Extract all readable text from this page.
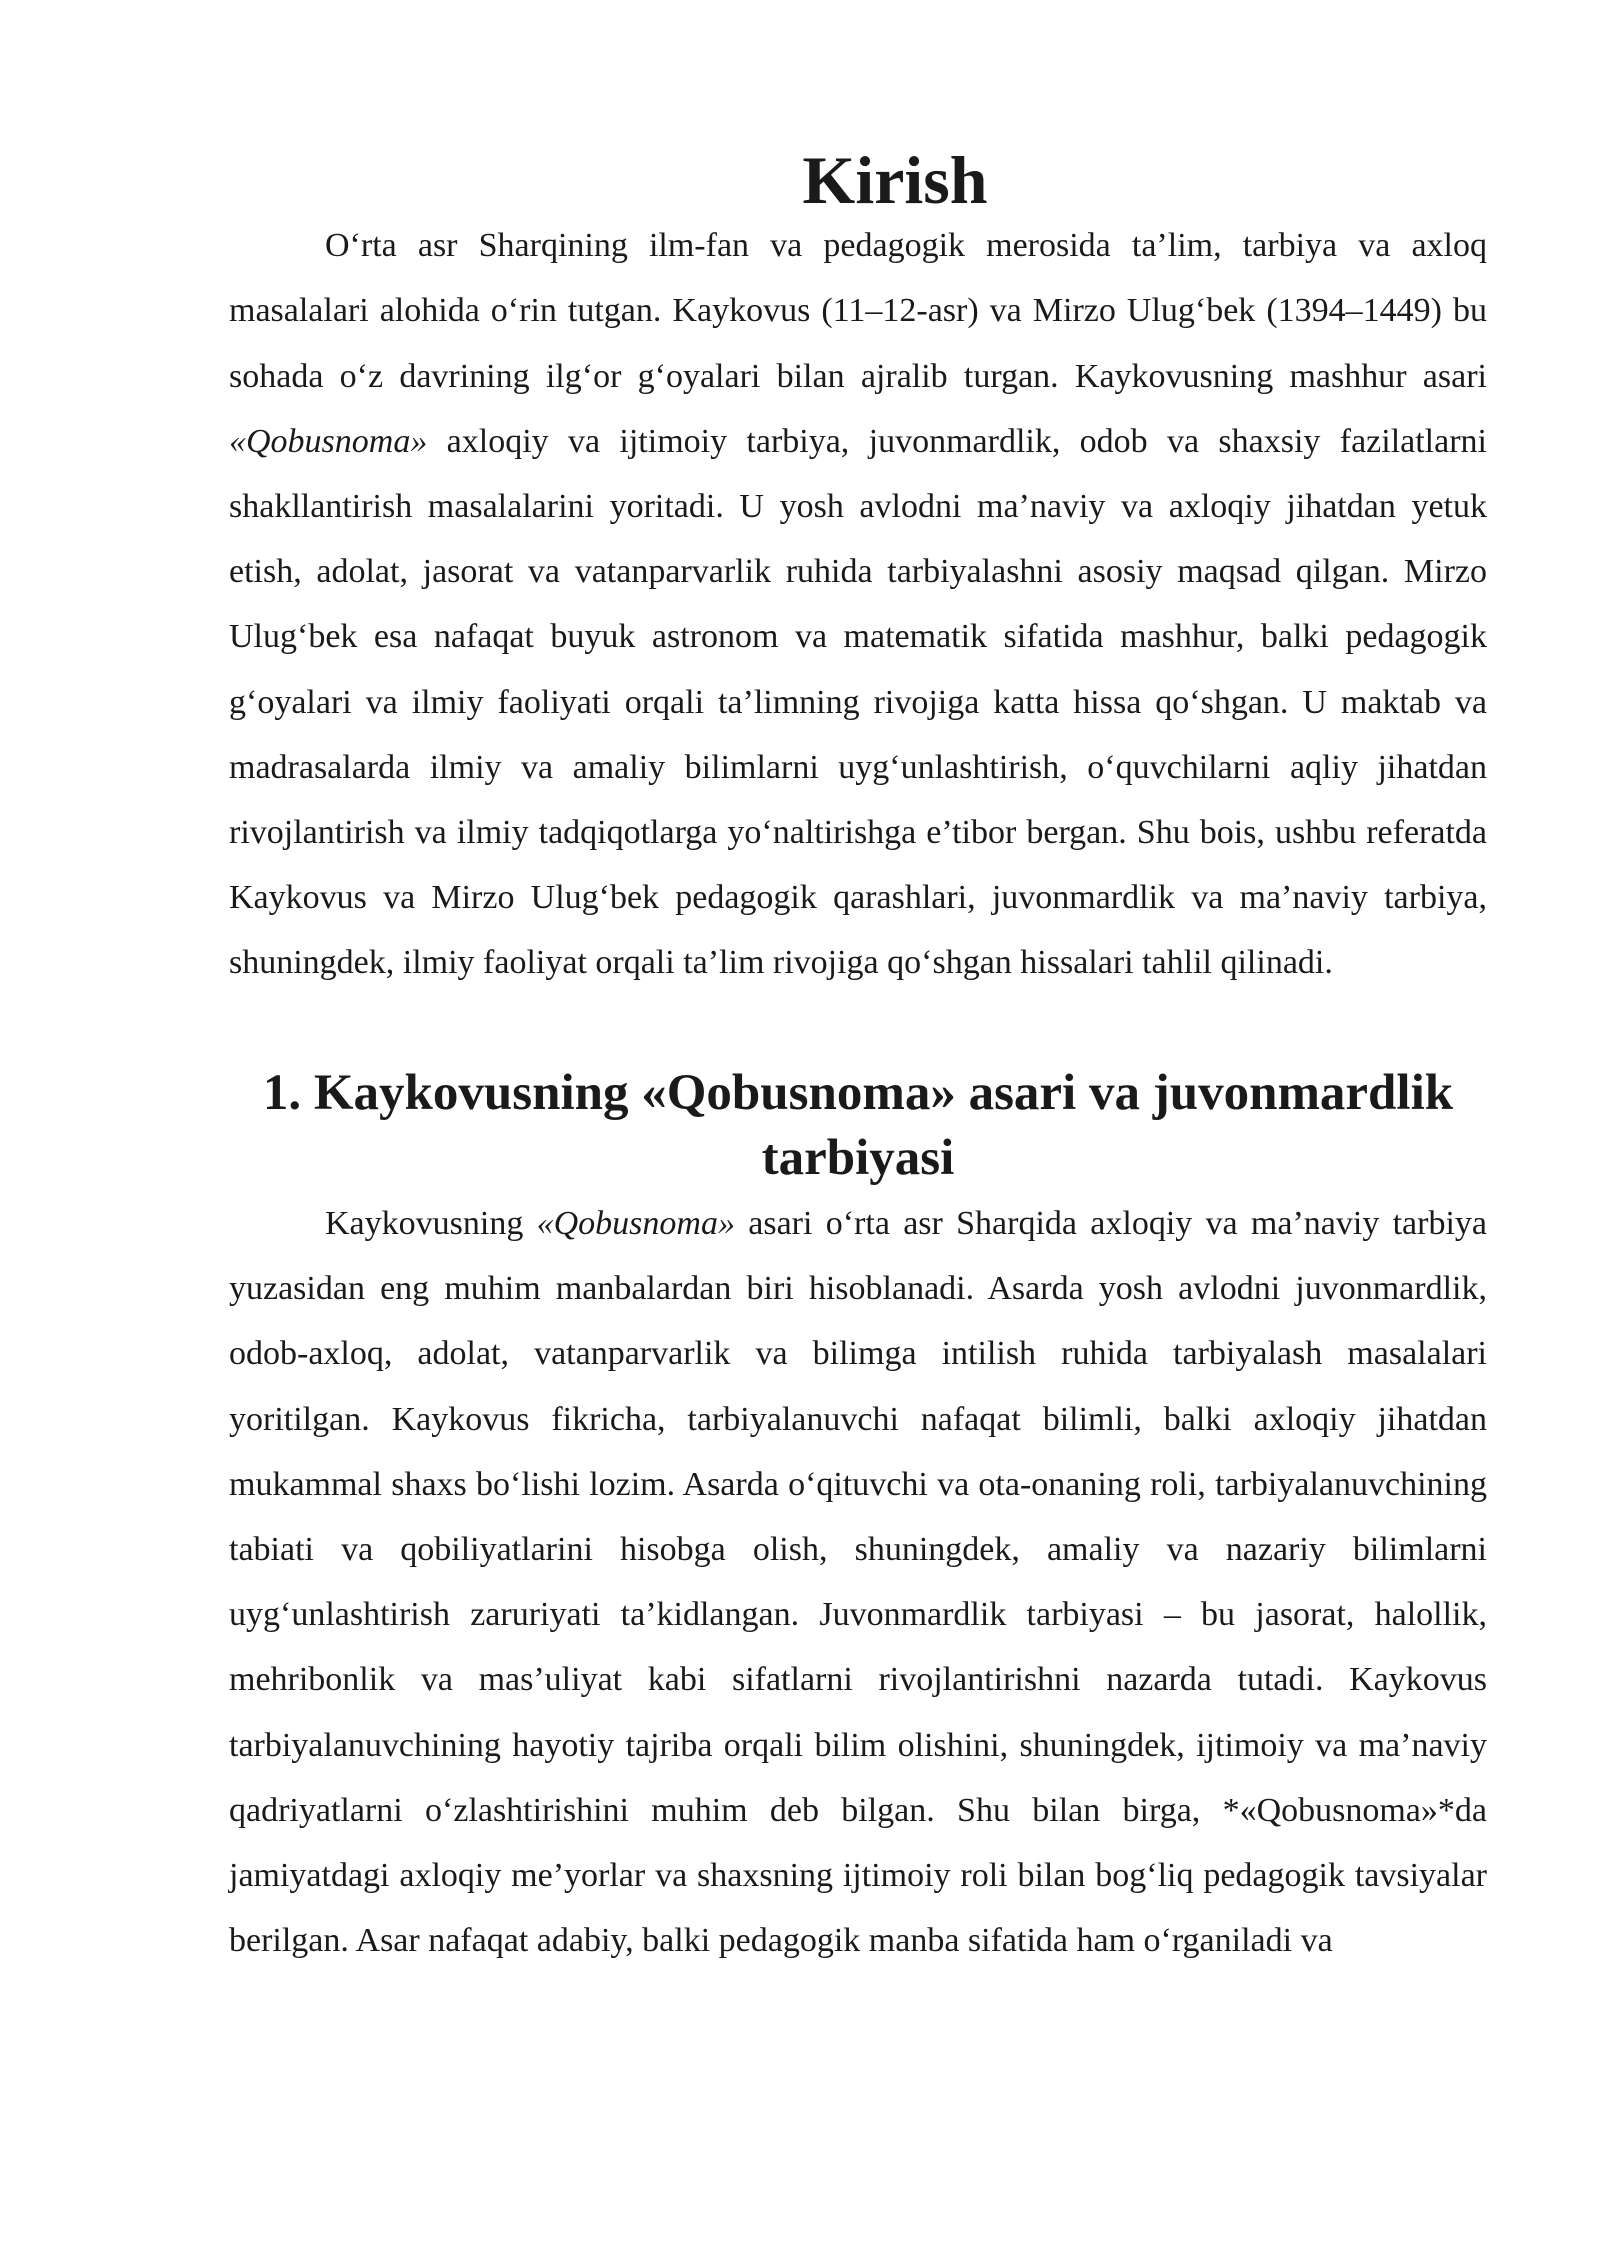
Kirish

O‘rta asr Sharqining ilm-fan va pedagogik merosida ta’lim, tarbiya va axloq masalalari alohida o‘rin tutgan. Kaykovus (11–12-asr) va Mirzo Ulug‘bek (1394–1449) bu sohada o‘z davrining ilg‘or g‘oyalari bilan ajralib turgan. Kaykovusning mashhur asari «Qobusnoma» axloqiy va ijtimoiy tarbiya, juvonmardlik, odob va shaxsiy fazilatlarni shakllantirish masalalarini yoritadi. U yosh avlodni ma’naviy va axloqiy jihatdan yetuk etish, adolat, jasorat va vatanparvarlik ruhida tarbiyalashni asosiy maqsad qilgan. Mirzo Ulug‘bek esa nafaqat buyuk astronom va matematik sifatida mashhur, balki pedagogik g‘oyalari va ilmiy faoliyati orqali ta’limning rivojiga katta hissa qo‘shgan. U maktab va madrasalarda ilmiy va amaliy bilimlarni uyg‘unlashtirish, o‘quvchilarni aqliy jihatdan rivojlantirish va ilmiy tadqiqotlarga yo‘naltirishga e’tibor bergan. Shu bois, ushbu referatda Kaykovus va Mirzo Ulug‘bek pedagogik qarashlari, juvonmardlik va ma’naviy tarbiya, shuningdek, ilmiy faoliyat orqali ta’lim rivojiga qo‘shgan hissalari tahlil qilinadi.

1. Kaykovusning «Qobusnoma» asari va juvonmardlik tarbiyasi

Kaykovusning «Qobusnoma» asari o‘rta asr Sharqida axloqiy va ma’naviy tarbiya yuzasidan eng muhim manbalardan biri hisoblanadi. Asarda yosh avlodni juvonmardlik, odob-axloq, adolat, vatanparvarlik va bilimga intilish ruhida tarbiyalash masalalari yoritilgan. Kaykovus fikricha, tarbiyalanuvchi nafaqat bilimli, balki axloqiy jihatdan mukammal shaxs bo‘lishi lozim. Asarda o‘qituvchi va ota-onaning roli, tarbiyalanuvchining tabiati va qobiliyatlarini hisobga olish, shuningdek, amaliy va nazariy bilimlarni uyg‘unlashtirish zaruriyati ta’kidlangan. Juvonmardlik tarbiyasi – bu jasorat, halollik, mehribonlik va mas’uliyat kabi sifatlarni rivojlantirishni nazarda tutadi. Kaykovus tarbiyalanuvchining hayotiy tajriba orqali bilim olishini, shuningdek, ijtimoiy va ma’naviy qadriyatlarni o‘zlashtirishini muhim deb bilgan. Shu bilan birga, *«Qobusnoma»*da jamiyatdagi axloqiy me’yorlar va shaxsning ijtimoiy roli bilan bog‘liq pedagogik tavsiyalar berilgan. Asar nafaqat adabiy, balki pedagogik manba sifatida ham o‘rganiladi va
